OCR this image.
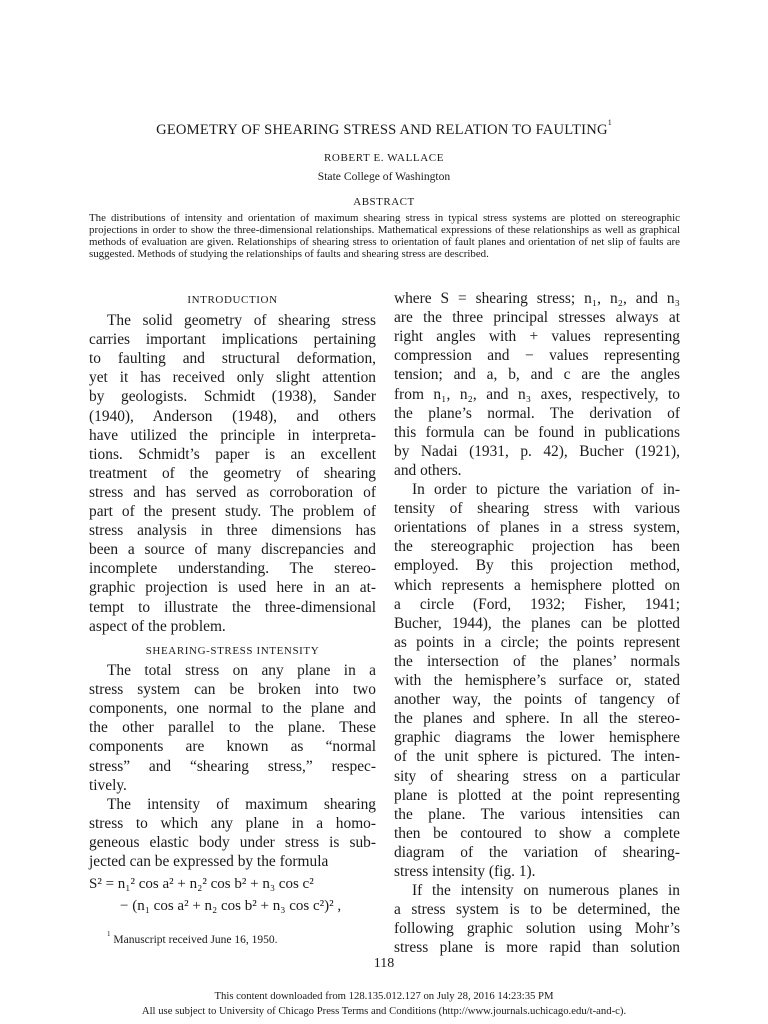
GEOMETRY OF SHEARING STRESS AND RELATION TO FAULTING$^1$
ROBERT E. WALLACE
State College of Washington
ABSTRACT
The distributions of intensity and orientation of maximum shearing stress in typical stress systems are plotted on stereographic projections in order to show the three-dimensional relationships. Mathematical expressions of these relationships as well as graphical methods of evaluation are given. Relationships of shearing stress to orientation of fault planes and orientation of net slip of faults are suggested. Methods of studying the relationships of faults and shearing stress are described.
INTRODUCTION
The solid geometry of shearing stress
carries important implications pertaining
to faulting and structural deformation,
yet it has received only slight attention
by geologists. Schmidt (1938), Sander
(1940), Anderson (1948), and others
have utilized the principle in interpreta-
tions. Schmidt’s paper is an excellent
treatment of the geometry of shearing
stress and has served as corroboration of
part of the present study. The problem of
stress analysis in three dimensions has
been a source of many discrepancies and
incomplete understanding. The stereo-
graphic projection is used here in an at-
tempt to illustrate the three-dimensional
aspect of the problem.
SHEARING-STRESS INTENSITY
The total stress on any plane in a
stress system can be broken into two
components, one normal to the plane and
the other parallel to the plane. These
components are known as “normal
stress” and “shearing stress,” respec-
tively.
The intensity of maximum shearing
stress to which any plane in a homo-
geneous elastic body under stress is sub-
jected can be expressed by the formula
S² = n₁² cos a² + n₂² cos b² + n₃ cos c²
− (n₁ cos a² + n₂ cos b² + n₃ cos c²)² ,
where S = shearing stress; n₁, n₂, and n₃
are the three principal stresses always at
right angles with + values representing
compression and − values representing
tension; and a, b, and c are the angles
from n₁, n₂, and n₃ axes, respectively, to
the plane’s normal. The derivation of
this formula can be found in publications
by Nadai (1931, p. 42), Bucher (1921),
and others.
In order to picture the variation of in-
tensity of shearing stress with various
orientations of planes in a stress system,
the stereographic projection has been
employed. By this projection method,
which represents a hemisphere plotted on
a circle (Ford, 1932; Fisher, 1941;
Bucher, 1944), the planes can be plotted
as points in a circle; the points represent
the intersection of the planes’ normals
with the hemisphere’s surface or, stated
another way, the points of tangency of
the planes and sphere. In all the stereo-
graphic diagrams the lower hemisphere
of the unit sphere is pictured. The inten-
sity of shearing stress on a particular
plane is plotted at the point representing
the plane. The various intensities can
then be contoured to show a complete
diagram of the variation of shearing-
stress intensity (fig. 1).
If the intensity on numerous planes in
a stress system is to be determined, the
following graphic solution using Mohr’s
stress plane is more rapid than solution
$^1$ Manuscript received June 16, 1950.
118
This content downloaded from 128.135.012.127 on July 28, 2016 14:23:35 PM
All use subject to University of Chicago Press Terms and Conditions (http://www.journals.uchicago.edu/t-and-c).
